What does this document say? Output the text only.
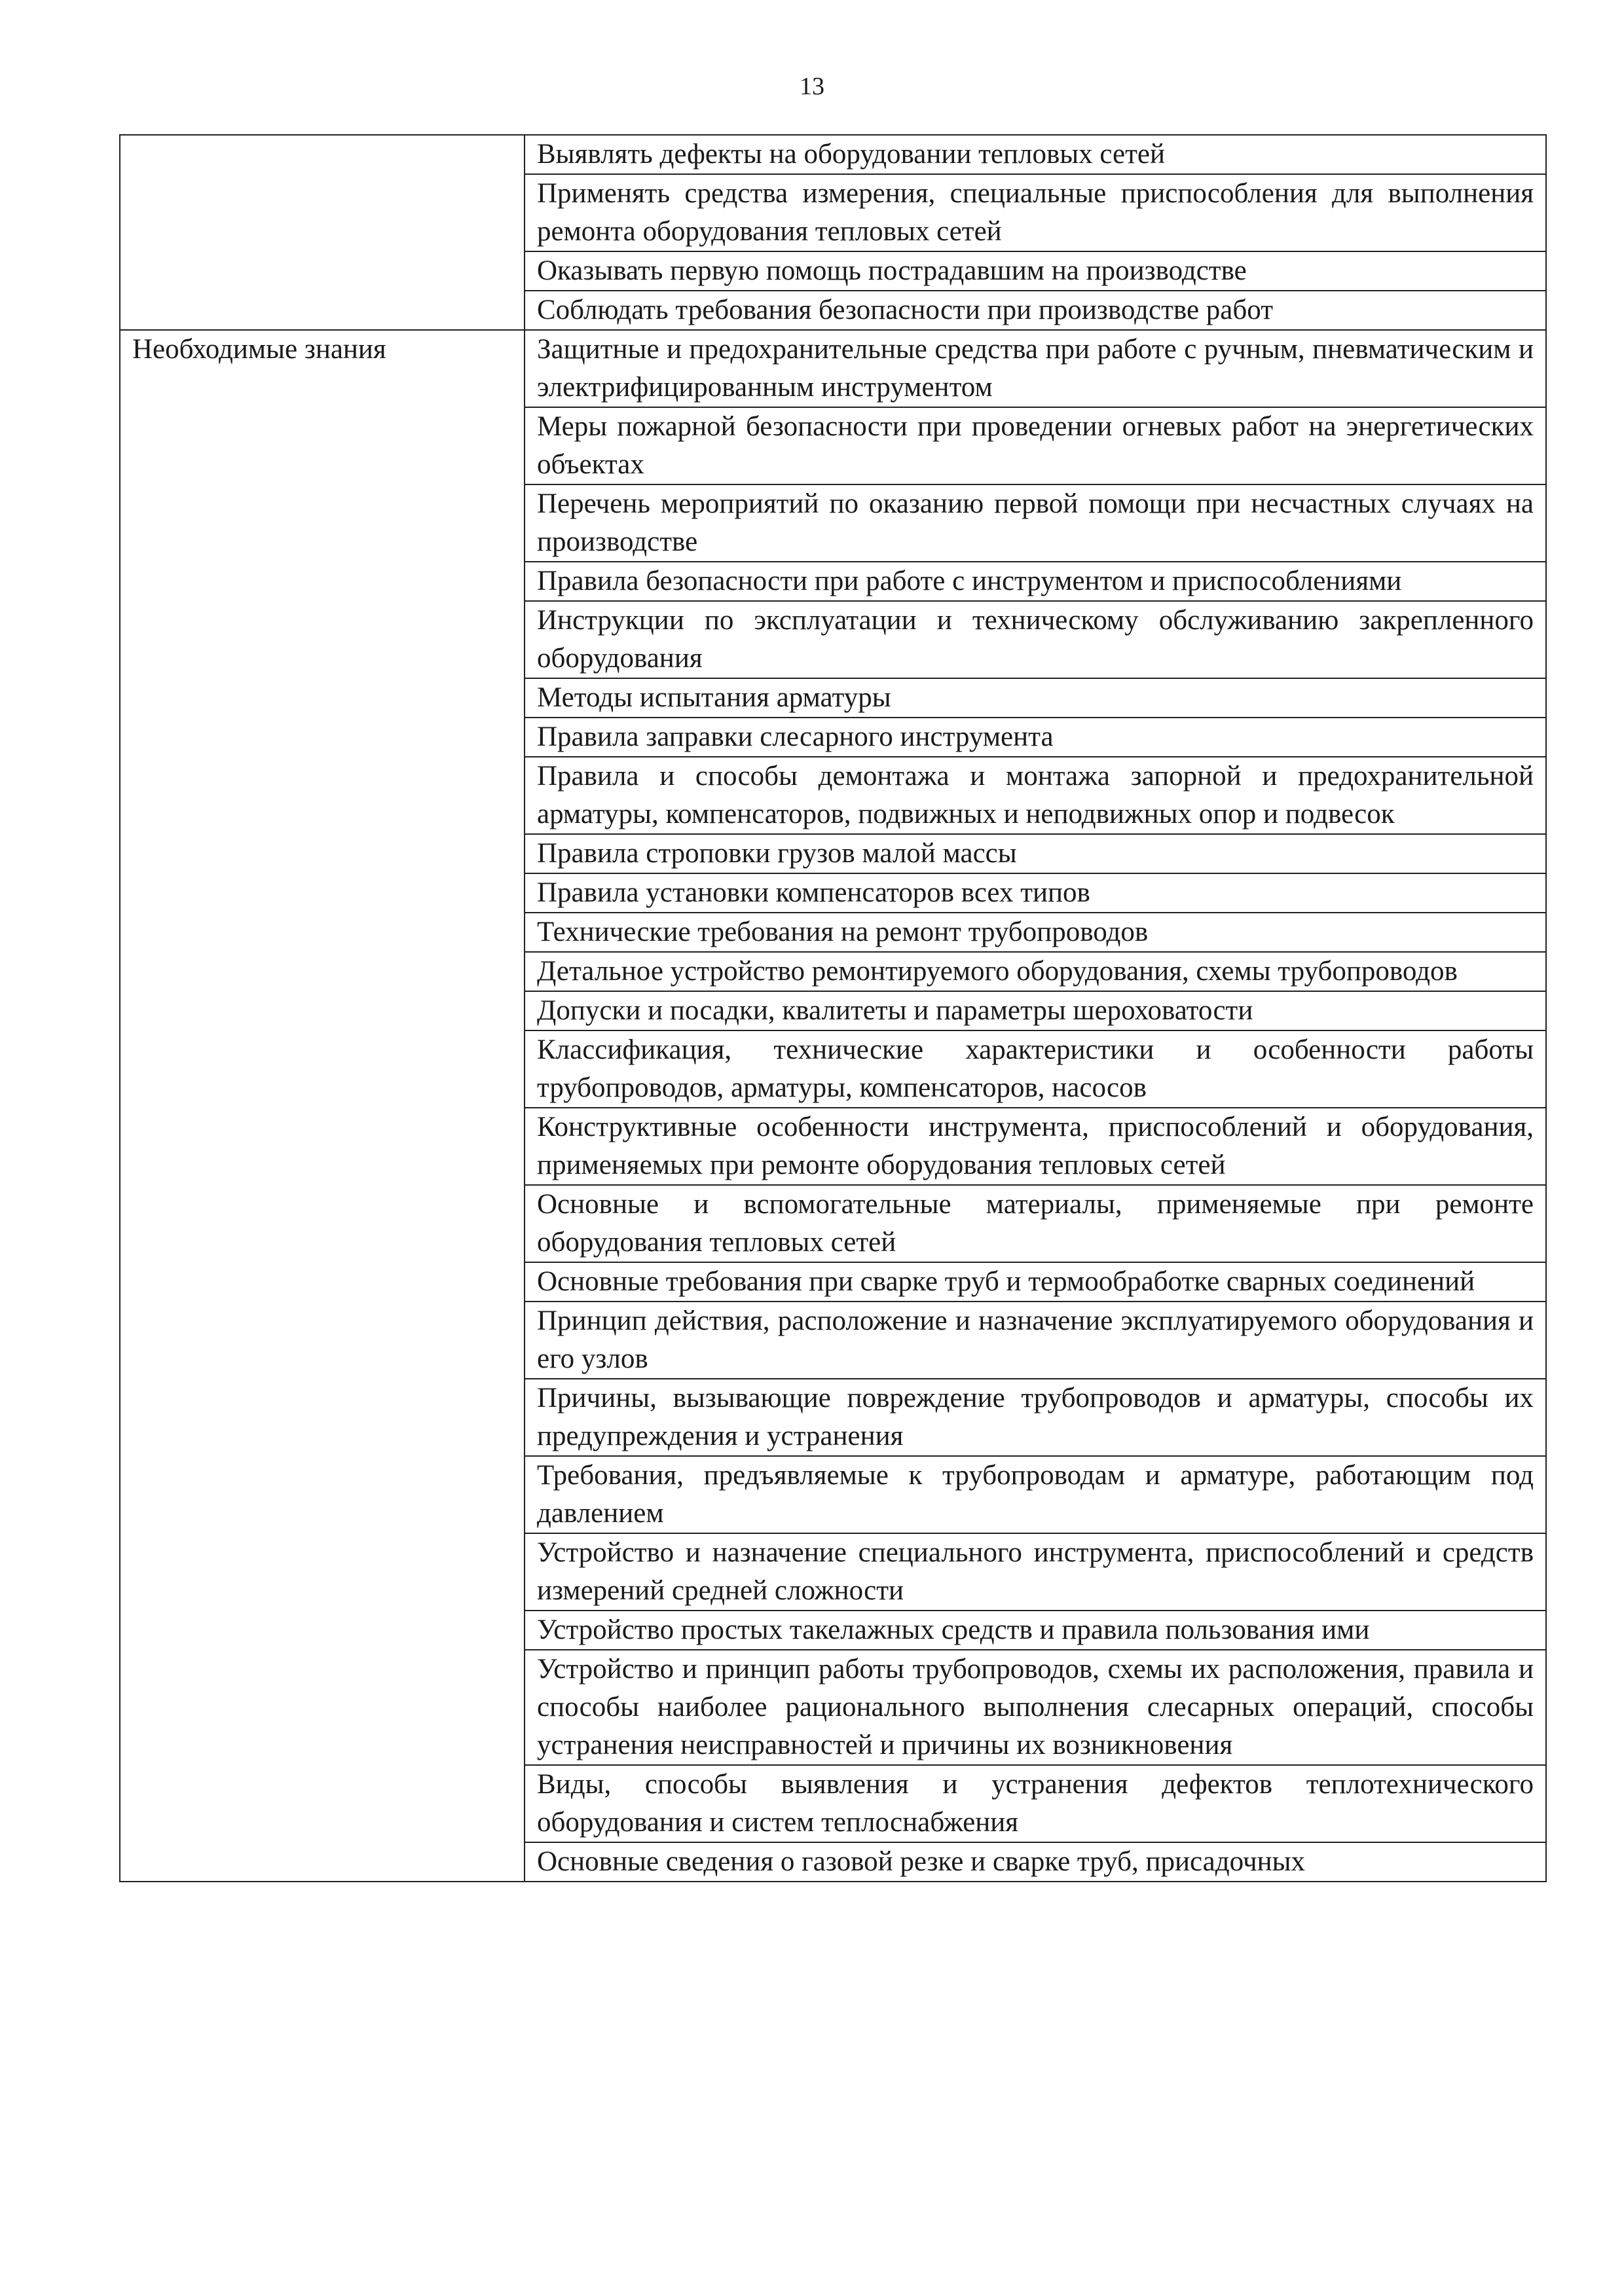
13
	Выявлять дефекты на оборудовании тепловых сетей
	Применять средства измерения, специальные приспособления для выполнения ремонта оборудования тепловых сетей
	Оказывать первую помощь пострадавшим на производстве
	Соблюдать требования безопасности при производстве работ
Необходимые знания	Защитные и предохранительные средства при работе с ручным, пневматическим и электрифицированным инструментом
	Меры пожарной безопасности при проведении огневых работ на энергетических объектах
	Перечень мероприятий по оказанию первой помощи при несчастных случаях на производстве
	Правила безопасности при работе с инструментом и приспособлениями
	Инструкции по эксплуатации и техническому обслуживанию закрепленного оборудования
	Методы испытания арматуры
	Правила заправки слесарного инструмента
	Правила и способы демонтажа и монтажа запорной и предохранительной арматуры, компенсаторов, подвижных и неподвижных опор и подвесок
	Правила строповки грузов малой массы
	Правила установки компенсаторов всех типов
	Технические требования на ремонт трубопроводов
	Детальное устройство ремонтируемого оборудования, схемы трубопроводов
	Допуски и посадки, квалитеты и параметры шероховатости
	Классификация, технические характеристики и особенности работы трубопроводов, арматуры, компенсаторов, насосов
	Конструктивные особенности инструмента, приспособлений и оборудования, применяемых при ремонте оборудования тепловых сетей
	Основные и вспомогательные материалы, применяемые при ремонте оборудования тепловых сетей
	Основные требования при сварке труб и термообработке сварных соединений
	Принцип действия, расположение и назначение эксплуатируемого оборудования и его узлов
	Причины, вызывающие повреждение трубопроводов и арматуры, способы их предупреждения и устранения
	Требования, предъявляемые к трубопроводам и арматуре, работающим под давлением
	Устройство и назначение специального инструмента, приспособлений и средств измерений средней сложности
	Устройство простых такелажных средств и правила пользования ими
	Устройство и принцип работы трубопроводов, схемы их расположения, правила и способы наиболее рационального выполнения слесарных операций, способы устранения неисправностей и причины их возникновения
	Виды, способы выявления и устранения дефектов теплотехнического оборудования и систем теплоснабжения
	Основные сведения о газовой резке и сварке труб, присадочных
